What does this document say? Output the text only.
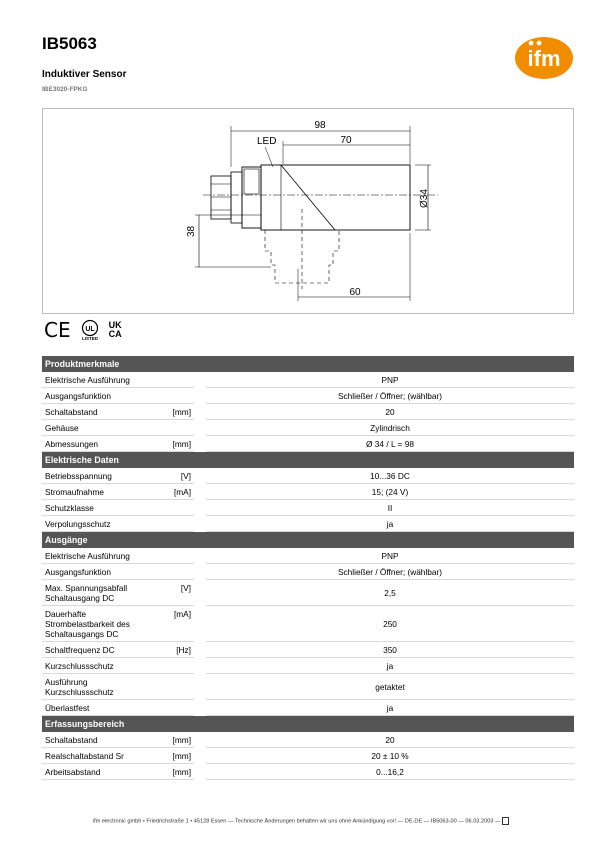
IB5063
Induktiver Sensor
IBE3020-FPKG
ifm
98
70
LED
Ø34
38
60
CE UL
LISTED
UK
CA
Produktmerkmale			
Elektrische Ausführung			PNP
Ausgangsfunktion			Schließer / Öffner; (wählbar)
Schaltabstand	[mm]		20
Gehäuse			Zylindrisch
Abmessungen	[mm]		Ø 34 / L = 98
Elektrische Daten			
Betriebsspannung	[V]		10...36 DC
Stromaufnahme	[mA]		15; (24 V)
Schutzklasse			II
Verpolungsschutz			ja
Ausgänge			
Elektrische Ausführung			PNP
Ausgangsfunktion			Schließer / Öffner; (wählbar)
Max. Spannungsabfall
Schaltausgang DC	[V]		2,5
Dauerhafte
Strombelastbarkeit des
Schaltausgangs DC	[mA]		250
Schaltfrequenz DC	[Hz]		350
Kurzschlussschutz			ja
Ausführung
Kurzschlussschutz			getaktet
Überlastfest			ja
Erfassungsbereich			
Schaltabstand	[mm]		20
Realschaltabstand Sr	[mm]		20 ± 10 %
Arbeitsabstand	[mm]		0...16,2
ifm electronic gmbh • Friedrichstraße 1 • 45128 Essen — Technische Änderungen behalten wir uns ohne Ankündigung vor! — DE-DE — IB5063-00 — 06.03.2003 —
